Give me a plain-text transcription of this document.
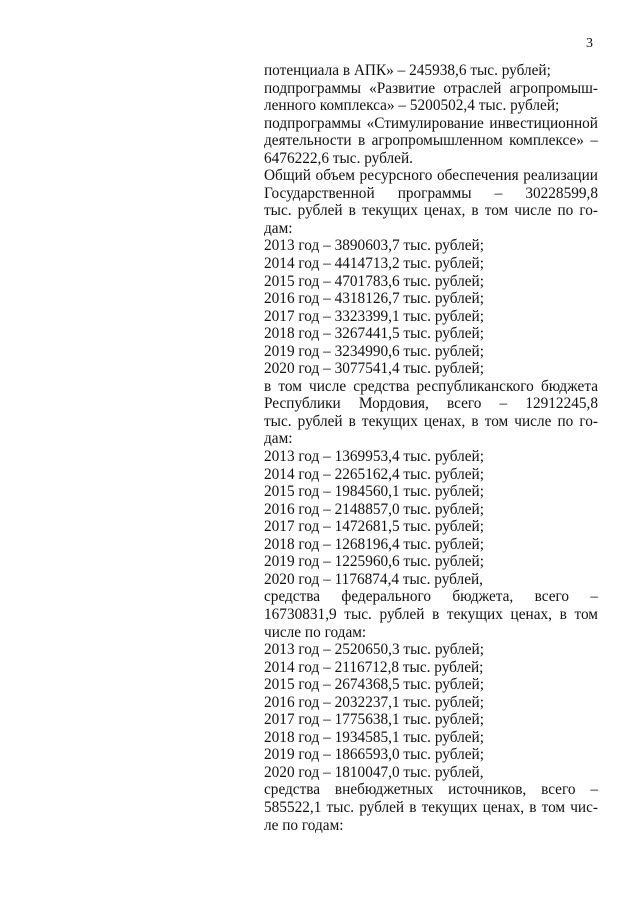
3
потенциала в АПК» – 245938,6 тыс. рублей;
подпрограммы «Развитие отраслей агропромыш-
ленного комплекса» – 5200502,4 тыс. рублей;
подпрограммы «Стимулирование инвестиционной
деятельности в агропромышленном комплексе» –
6476222,6 тыс. рублей.
Общий объем ресурсного обеспечения реализации
Государственной программы – 30228599,8
тыс. рублей в текущих ценах, в том числе по го-
дам:
2013 год – 3890603,7 тыс. рублей;
2014 год – 4414713,2 тыс. рублей;
2015 год – 4701783,6 тыс. рублей;
2016 год – 4318126,7 тыс. рублей;
2017 год – 3323399,1 тыс. рублей;
2018 год – 3267441,5 тыс. рублей;
2019 год – 3234990,6 тыс. рублей;
2020 год – 3077541,4 тыс. рублей;
в том числе средства республиканского бюджета
Республики Мордовия, всего – 12912245,8
тыс. рублей в текущих ценах, в том числе по го-
дам:
2013 год – 1369953,4 тыс. рублей;
2014 год – 2265162,4 тыс. рублей;
2015 год – 1984560,1 тыс. рублей;
2016 год – 2148857,0 тыс. рублей;
2017 год – 1472681,5 тыс. рублей;
2018 год – 1268196,4 тыс. рублей;
2019 год – 1225960,6 тыс. рублей;
2020 год – 1176874,4 тыс. рублей,
средства федерального бюджета, всего –
16730831,9 тыс. рублей в текущих ценах, в том
числе по годам:
2013 год – 2520650,3 тыс. рублей;
2014 год – 2116712,8 тыс. рублей;
2015 год – 2674368,5 тыс. рублей;
2016 год – 2032237,1 тыс. рублей;
2017 год – 1775638,1 тыс. рублей;
2018 год – 1934585,1 тыс. рублей;
2019 год – 1866593,0 тыс. рублей;
2020 год – 1810047,0 тыс. рублей,
средства внебюджетных источников, всего –
585522,1 тыс. рублей в текущих ценах, в том чис-
ле по годам:
